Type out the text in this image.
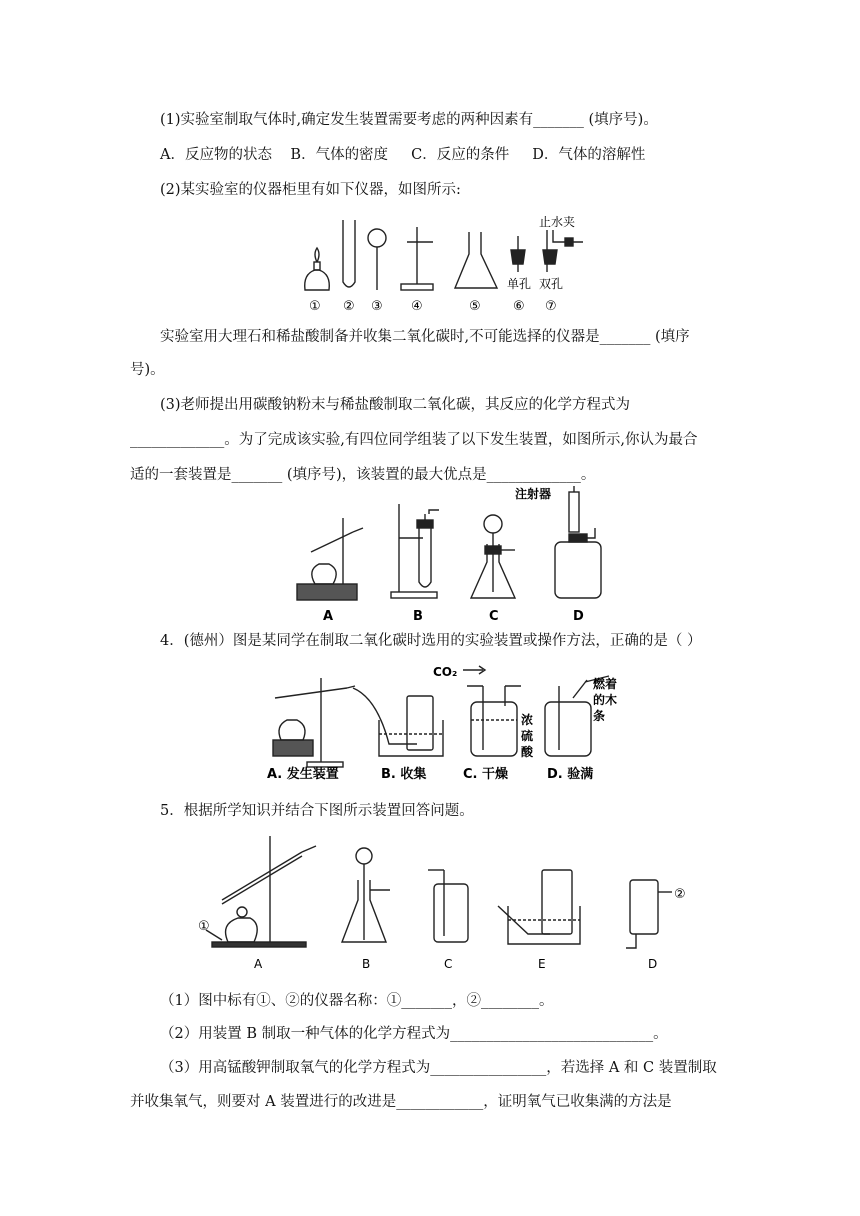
(1)实验室制取气体时,确定发生装置需要考虑的两种因素有_______ (填序号)。
A．反应物的状态    B．气体的密度     C．反应的条件     D．气体的溶解性
(2)某实验室的仪器柜里有如下仪器，如图所示:
① ② ③ ④	⑤
单孔 双孔
⑥ ⑦
止水夹
实验室用大理石和稀盐酸制备并收集二氧化碳时,不可能选择的仪器是_______ (填序
号)。
(3)老师提出用碳酸钠粉末与稀盐酸制取二氧化碳，其反应的化学方程式为
_____________。为了完成该实验,有四位同学组装了以下发生装置，如图所示,你认为最合
适的一套装置是_______ (填序号)，该装置的最大优点是_____________。
A	B	C	D
注射器
4．(德州）图是某同学在制取二氧化碳时选用的实验装置或操作方法，正确的是（ ）
A. 发生装置	B. 收集	C. 干燥	D. 验满
CO₂
浓
硫
酸
燃着
的木
条
5．根据所学知识并结合下图所示装置回答问题。
A	B	C	E	D
①
②
（1）图中标有①、②的仪器名称：①_______，②________。
（2）用装置 B 制取一种气体的化学方程式为____________________________。
（3）用高锰酸钾制取氧气的化学方程式为________________，若选择 A 和 C 装置制取
并收集氧气，则要对 A 装置进行的改进是____________，证明氧气已收集满的方法是
